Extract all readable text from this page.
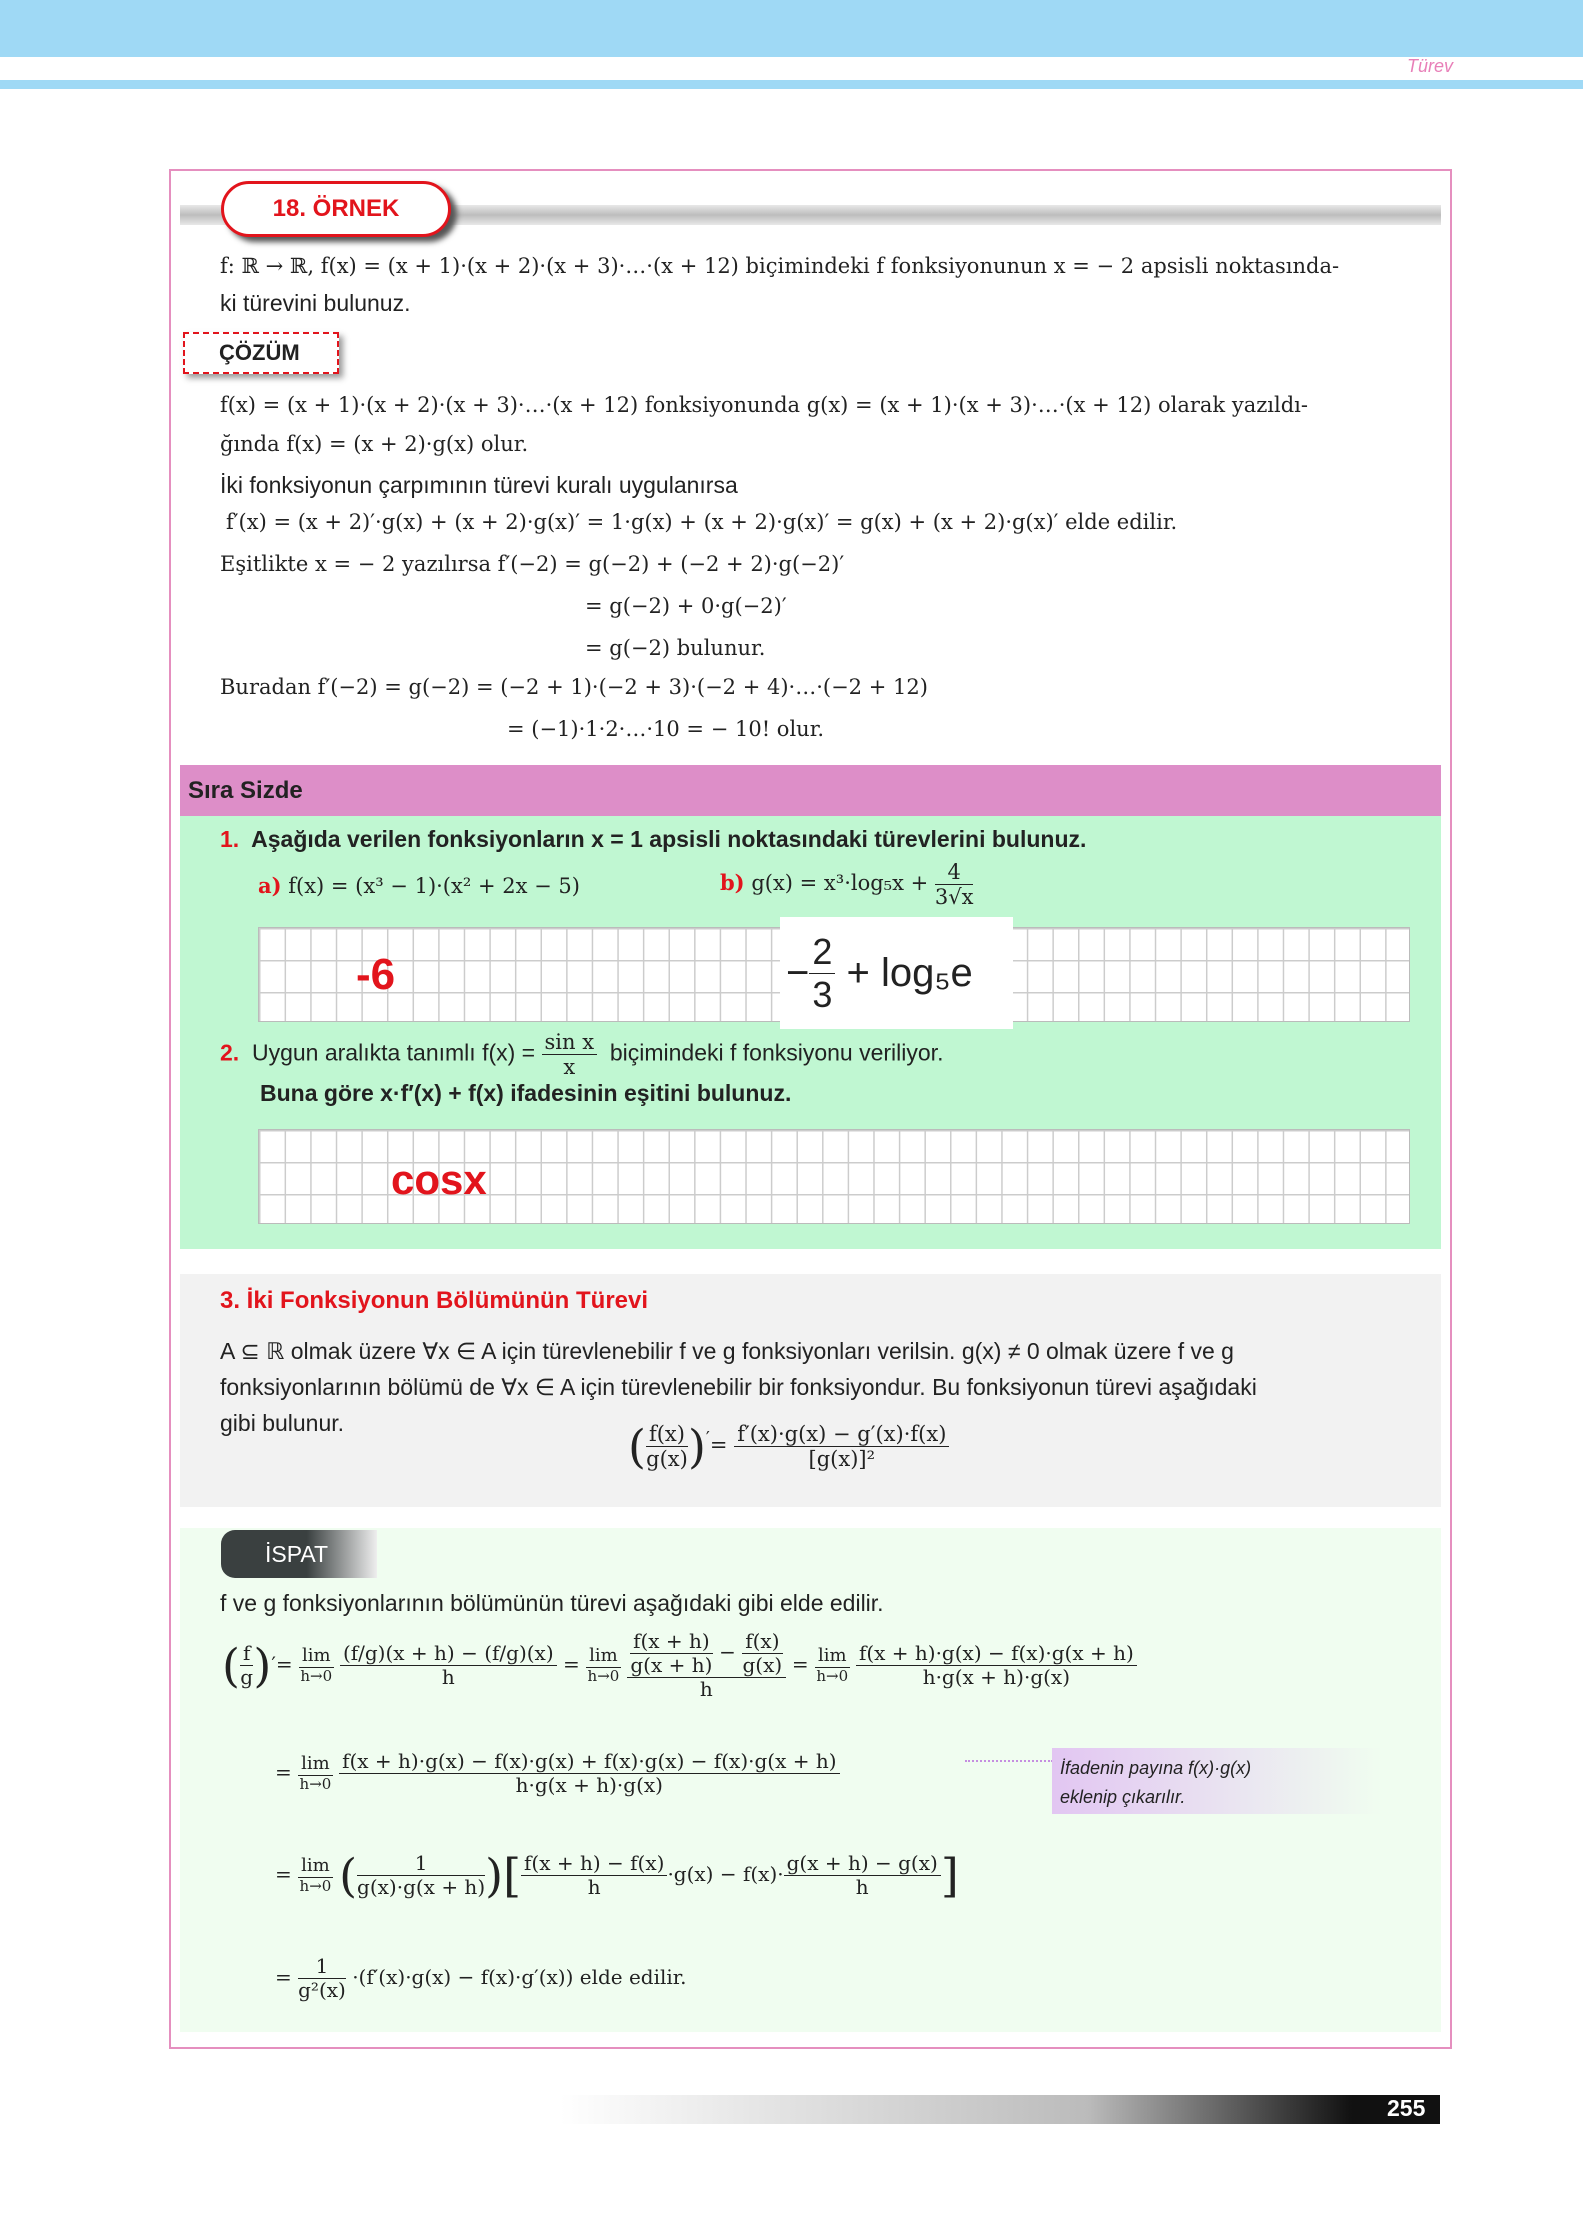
Türev
18. ÖRNEK
f: ℝ → ℝ, f(x) = (x + 1)·(x + 2)·(x + 3)·…·(x + 12) biçimindeki f fonksiyonunun x = − 2 apsisli noktasında-
ki türevini bulunuz.
ÇÖZÜM
f(x) = (x + 1)·(x + 2)·(x + 3)·…·(x + 12) fonksiyonunda g(x) = (x + 1)·(x + 3)·…·(x + 12) olarak yazıldı-
ğında f(x) = (x + 2)·g(x) olur.
İki fonksiyonun çarpımının türevi kuralı uygulanırsa
f′(x) = (x + 2)′·g(x) + (x + 2)·g(x)′ = 1·g(x) + (x + 2)·g(x)′ = g(x) + (x + 2)·g(x)′ elde edilir.
Eşitlikte x = − 2 yazılırsa f′(−2) = g(−2) + (−2 + 2)·g(−2)′
= g(−2) + 0·g(−2)′
= g(−2) bulunur.
Buradan f′(−2) = g(−2) = (−2 + 1)·(−2 + 3)·(−2 + 4)·…·(−2 + 12)
= (−1)·1·2·…·10 = − 10! olur.
Sıra Sizde
1. Aşağıda verilen fonksiyonların x = 1 apsisli noktasındaki türevlerini bulunuz.
a) f(x) = (x³ − 1)·(x² + 2x − 5)	b) $g(x) = x^3\cdot\log_5x + \frac{4}{3√x}$
-6	− $\frac{2}{3}$
+ log₅e
2. Uygun aralıkta tanımlı $f(x) = \frac{\text{sin x}}{x}$ biçimindeki f fonksiyonu veriliyor.
Buna göre x·f′(x) + f(x) ifadesinin eşitini bulunuz.
cosx
3. İki Fonksiyonun Bölümünün Türevi
A ⊆ ℝ olmak üzere ∀x ∈ A için türevlenebilir f ve g fonksiyonları verilsin. g(x) ≠ 0 olmak üzere f ve g
fonksiyonlarının bölümü de ∀x ∈ A için türevlenebilir bir fonksiyondur. Bu fonksiyonun türevi aşağıdaki
gibi bulunur.	( $\frac{f(x)}{g(x)} )'= \frac{f'(x)\cdot g(x) - g'(x)\cdot f(x)}{\text{[g(x)]²}}$
İSPAT
f ve g fonksiyonlarının bölümünün türevi aşağıdaki gibi elde edilir.
( $\frac{f}{g}$ )′= $\frac{\lim}{h\to 0}$
$\frac{(f/g)(x + h) - (f/g)(x)}{h} = \frac{\lim}{h\to 0}$
$\frac{\frac{f(x + h)}{g(x + h)} - \frac{f(x)}{g(x)}}{h} = \frac{\lim}{h\to 0}$
$\frac{f(x + h)\cdot g(x) - f(x)\cdot g(x + h)}{h\cdot g(x + h)\cdot g(x)}$
= $\frac{\lim}{h\to 0}$
$\frac{f(x + h)\cdot g(x) - f(x)\cdot g(x) + f(x)\cdot g(x) - f(x)\cdot g(x + h)}{h\cdot g(x + h)\cdot g(x)}$	İfadenin payına f(x)·g(x)
eklenip çıkarılır.
= $\frac{\lim}{h\to 0}$ ( $\frac{1}{g(x)\cdot g(x + h)}$ )[ $\frac{f(x + h) - f(x)}{h} \cdot g(x) - f(x)\cdot \frac{g(x + h) - g(x)}{h}$ ]
= $\frac{1}{\text{g²(x)}} \cdot(f'(x)\cdot g(x) - f(x)\cdot g'(x))$ elde edilir.
255
